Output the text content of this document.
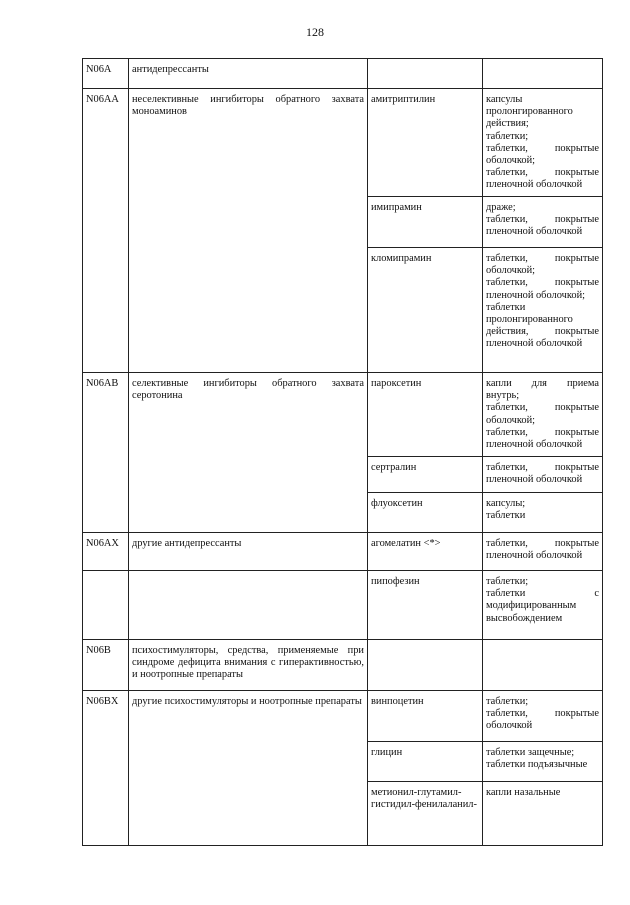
128
N06A	антидепрессанты		
N06AA	неселективные ингибиторы обратного захвата моноаминов	амитриптилин	капсулы пролонгированного действия;
таблетки;
таблетки, покрытые оболочкой;
таблетки, покрытые пленочной оболочкой

		имипрамин	драже;
таблетки, покрытые пленочной оболочкой

		кломипрамин	таблетки, покрытые оболочкой;
таблетки, покрытые пленочной оболочкой;
таблетки пролонгированного действия, покрытые пленочной оболочкой

N06AB	селективные ингибиторы обратного захвата серотонина	пароксетин	капли для приема внутрь;
таблетки, покрытые оболочкой;
таблетки, покрытые пленочной оболочкой

		сертралин	таблетки, покрытые пленочной оболочкой

		флуоксетин	капсулы;
таблетки

N06AX	другие антидепрессанты	агомелатин <*>	таблетки, покрытые пленочной оболочкой

		пипофезин	таблетки;
таблетки с модифицированным высвобождением

N06B	психостимуляторы, средства, применяемые при синдроме дефицита внимания с гиперактивностью, и ноотропные препараты		
N06BX	другие психостимуляторы и ноотропные препараты	винпоцетин	таблетки;
таблетки, покрытые оболочкой

		глицин	таблетки защечные;
таблетки подъязычные

		метионил-глутамил-гистидил-фенилаланил-	капли назальные
